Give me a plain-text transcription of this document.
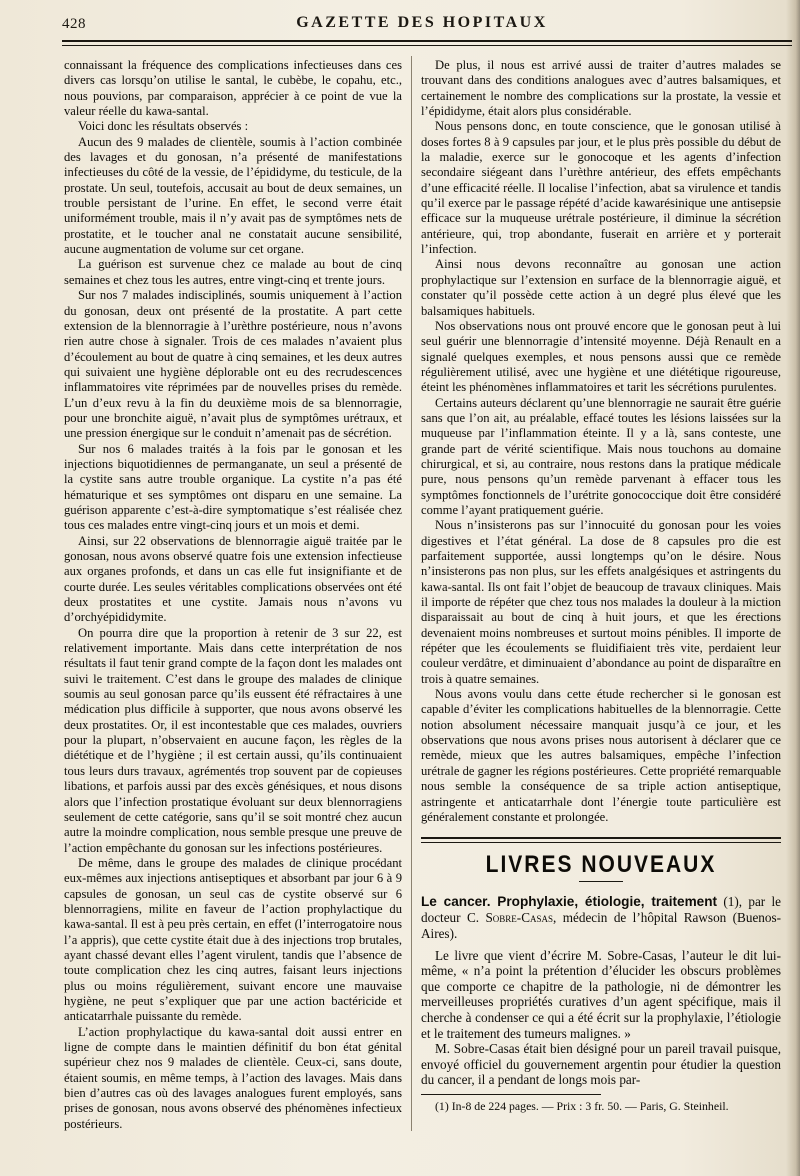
428	GAZETTE DES HOPITAUX

connaissant la fréquence des complications infectieuses dans ces divers cas lorsqu’on utilise le santal, le cubèbe, le copahu, etc., nous pouvions, par comparaison, apprécier à ce point de vue la valeur réelle du kawa-santal.

Voici donc les résultats observés :

Aucun des 9 malades de clientèle, soumis à l’action combinée des lavages et du gonosan, n’a présenté de manifestations infectieuses du côté de la vessie, de l’épididyme, du testicule, de la prostate. Un seul, toutefois, accusait au bout de deux semaines, un trouble persistant de l’urine. En effet, le second verre était uniformément trouble, mais il n’y avait pas de symptômes nets de prostatite, et le toucher anal ne constatait aucune sensibilité, aucune augmentation de volume sur cet organe.

La guérison est survenue chez ce malade au bout de cinq semaines et chez tous les autres, entre vingt-cinq et trente jours.

Sur nos 7 malades indisciplinés, soumis uniquement à l’action du gonosan, deux ont présenté de la prostatite. A part cette extension de la blennorragie à l’urèthre postérieure, nous n’avons rien autre chose à signaler. Trois de ces malades n’avaient plus d’écoulement au bout de quatre à cinq semaines, et les deux autres qui suivaient une hygiène déplorable ont eu des recrudescences inflammatoires vite réprimées par de nouvelles prises du remède. L’un d’eux revu à la fin du deuxième mois de sa blennorragie, pour une bronchite aiguë, n’avait plus de symptômes urétraux, et une pression énergique sur le conduit n’amenait pas de sécrétion.

Sur nos 6 malades traités à la fois par le gonosan et les injections biquotidiennes de permanganate, un seul a présenté de la cystite sans autre trouble organique. La cystite n’a pas été hématurique et ses symptômes ont disparu en une semaine. La guérison apparente c’est-à-dire symptomatique s’est réalisée chez tous ces malades entre vingt-cinq jours et un mois et demi.

Ainsi, sur 22 observations de blennorragie aiguë traitée par le gonosan, nous avons observé quatre fois une extension infectieuse aux organes profonds, et dans un cas elle fut insignifiante et de courte durée. Les seules véritables complications observées ont été deux prostatites et une cystite. Jamais nous n’avons vu d’orchyépididymite.

On pourra dire que la proportion à retenir de 3 sur 22, est relativement importante. Mais dans cette interprétation de nos résultats il faut tenir grand compte de la façon dont les malades ont suivi le traitement. C’est dans le groupe des malades de clinique soumis au seul gonosan parce qu’ils eussent été réfractaires à une médication plus difficile à supporter, que nous avons observé les deux prostatites. Or, il est incontestable que ces malades, ouvriers pour la plupart, n’observaient en aucune façon, les règles de la diététique et de l’hygiène ; il est certain aussi, qu’ils continuaient tous leurs durs travaux, agrémentés trop souvent par de copieuses libations, et parfois aussi par des excès génésiques, et nous disons alors que l’infection prostatique évoluant sur deux blennorragiens seulement de cette catégorie, sans qu’il se soit montré chez aucun autre la moindre complication, nous semble presque une preuve de l’action empêchante du gonosan sur les infections postérieures.

De même, dans le groupe des malades de clinique procédant eux-mêmes aux injections antiseptiques et absorbant par jour 6 à 9 capsules de gonosan, un seul cas de cystite observé sur 6 blennorragiens, milite en faveur de l’action prophylactique du kawa-santal. Il est à peu près certain, en effet (l’interrogatoire nous l’a appris), que cette cystite était due à des injections trop brutales, ayant chassé devant elles l’agent virulent, tandis que l’absence de toute complication chez les cinq autres, faisant leurs injections plus ou moins régulièrement, suivant encore une mauvaise hygiène, ne peut s’expliquer que par une action bactéricide et anticatarrhale puissante du remède.

L’action prophylactique du kawa-santal doit aussi entrer en ligne de compte dans le maintien définitif du bon état génital supérieur chez nos 9 malades de clientèle. Ceux-ci, sans doute, étaient soumis, en même temps, à l’action des lavages. Mais dans bien d’autres cas où des lavages analogues furent employés, sans prises de gonosan, nous avons observé des phénomènes infectieux postérieurs.

De plus, il nous est arrivé aussi de traiter d’autres malades se trouvant dans des conditions analogues avec d’autres balsamiques, et certainement le nombre des complications sur la prostate, la vessie et l’épididyme, était alors plus considérable.

Nous pensons donc, en toute conscience, que le gonosan utilisé à doses fortes 8 à 9 capsules par jour, et le plus près possible du début de la maladie, exerce sur le gonocoque et les agents d’infection secondaire siégeant dans l’urèthre antérieur, des effets empêchants d’une efficacité réelle. Il localise l’infection, abat sa virulence et tandis qu’il exerce par le passage répété d’acide kawarésinique une antisepsie efficace sur la muqueuse urétrale postérieure, il diminue la sécrétion antérieure, qui, trop abondante, fuserait en arrière et y porterait l’infection.

Ainsi nous devons reconnaître au gonosan une action prophylactique sur l’extension en surface de la blennorragie aiguë, et constater qu’il possède cette action à un degré plus élevé que les balsamiques habituels.

Nos observations nous ont prouvé encore que le gonosan peut à lui seul guérir une blennorragie d’intensité moyenne. Déjà Renault en a signalé quelques exemples, et nous pensons aussi que ce remède régulièrement utilisé, avec une hygiène et une diététique rigoureuse, éteint les phénomènes inflammatoires et tarit les sécrétions purulentes.

Certains auteurs déclarent qu’une blennorragie ne saurait être guérie sans que l’on ait, au préalable, effacé toutes les lésions laissées sur la muqueuse par l’inflammation éteinte. Il y a là, sans conteste, une grande part de vérité scientifique. Mais nous touchons au domaine chirurgical, et si, au contraire, nous restons dans la pratique médicale pure, nous pensons qu’un remède parvenant à effacer tous les symptômes fonctionnels de l’urétrite gonococcique doit être considéré comme l’ayant pratiquement guérie.

Nous n’insisterons pas sur l’innocuité du gonosan pour les voies digestives et l’état général. La dose de 8 capsules pro die est parfaitement supportée, aussi longtemps qu’on le désire. Nous n’insisterons pas non plus, sur les effets analgésiques et astringents du kawa-santal. Ils ont fait l’objet de beaucoup de travaux cliniques. Mais il importe de répéter que chez tous nos malades la douleur à la miction disparaissait au bout de cinq à huit jours, et que les érections devenaient moins nombreuses et surtout moins pénibles. Il importe de répéter que les écoulements se fluidifiaient très vite, perdaient leur couleur verdâtre, et diminuaient d’abondance au point de disparaître en trois à quatre semaines.

Nous avons voulu dans cette étude rechercher si le gonosan est capable d’éviter les complications habituelles de la blennorragie. Cette notion absolument nécessaire manquait jusqu’à ce jour, et les observations que nous avons prises nous autorisent à déclarer que ce remède, mieux que les autres balsamiques, empêche l’infection urétrale de gagner les régions postérieures. Cette propriété remarquable nous semble la conséquence de sa triple action antiseptique, astringente et anticatarrhale dont l’énergie toute particulière est généralement constante et prolongée.

LIVRES NOUVEAUX

Le cancer. Prophylaxie, étiologie, traitement (1), par le docteur C. Sobre-Casas, médecin de l’hôpital Rawson (Buenos-Aires).

Le livre que vient d’écrire M. Sobre-Casas, l’auteur le dit lui-même, « n’a point la prétention d’élucider les obscurs problèmes que comporte ce chapitre de la pathologie, ni de démontrer les merveilleuses propriétés curatives d’un agent spécifique, mais il cherche à condenser ce qui a été écrit sur la prophylaxie, l’étiologie et le traitement des tumeurs malignes. »

M. Sobre-Casas était bien désigné pour un pareil travail puisque, envoyé officiel du gouvernement argentin pour étudier la question du cancer, il a pendant de longs mois par-

(1) In-8 de 224 pages. — Prix : 3 fr. 50. — Paris, G. Steinheil.
